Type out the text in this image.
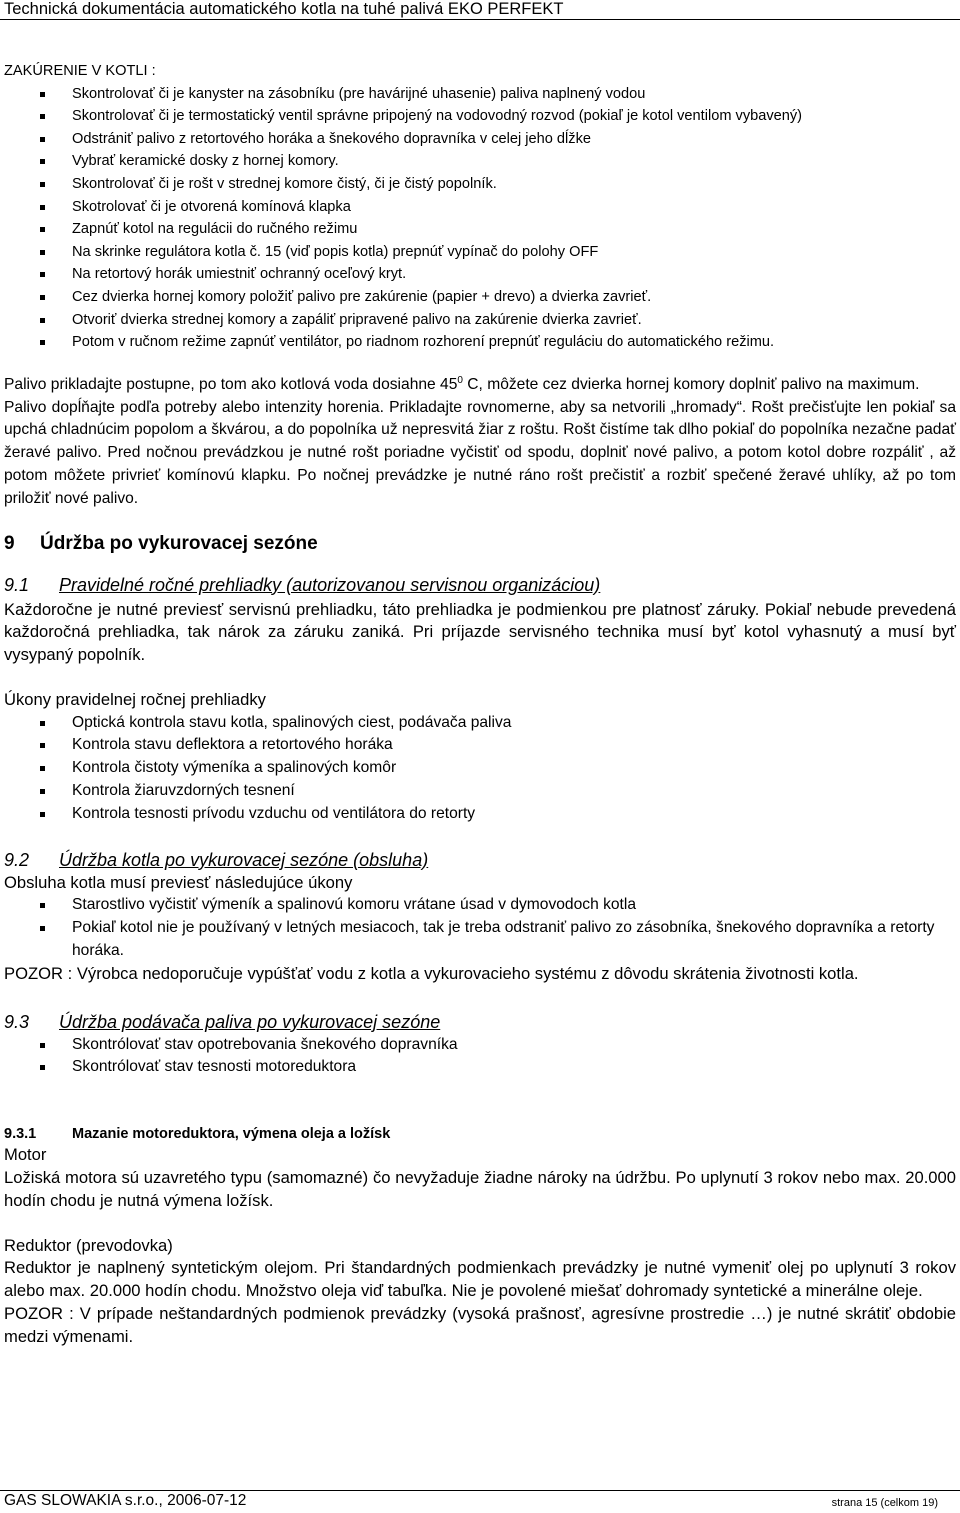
Technická dokumentácia automatického kotla na tuhé palivá EKO PERFEKT

ZAKÚRENIE V KOTLI :

Skontrolovať či je kanyster na zásobníku (pre havárijné uhasenie) paliva naplnený vodou
Skontrolovať či je termostatický ventil správne pripojený na vodovodný rozvod (pokiaľ je kotol ventilom vybavený)
Odstrániť palivo z retortového horáka a šnekového dopravníka v celej jeho dĺžke
Vybrať keramické dosky z hornej komory.
Skontrolovať či je rošt v strednej komore čistý, či je čistý popolník.
Skotrolovať či je otvorená komínová klapka
Zapnúť kotol na regulácii do ručného režimu
Na skrinke regulátora kotla č. 15 (viď popis kotla) prepnúť vypínač do polohy OFF
Na retortový horák umiestniť ochranný oceľový kryt.
Cez dvierka hornej komory položiť palivo pre zakúrenie (papier + drevo) a dvierka zavrieť.
Otvoriť dvierka strednej komory a zapáliť pripravené palivo na zakúrenie dvierka zavrieť.
Potom v ručnom režime zapnúť ventilátor, po riadnom rozhorení prepnúť reguláciu do automatického režimu.

Palivo prikladajte postupne, po tom ako kotlová voda dosiahne $45^0$ C, môžete cez dvierka hornej komory doplniť palivo na maximum.

Palivo dopĺňajte podľa potreby alebo intenzity horenia. Prikladajte rovnomerne, aby sa netvorili „hromady“. Rošt prečisťujte len pokiaľ sa upchá chladnúcim popolom a škvárou, a do popolníka už nepresvitá žiar z roštu. Rošt čistíme tak dlho pokiaľ do popolníka nezačne padať žeravé palivo. Pred nočnou prevádzkou je nutné rošt poriadne vyčistiť od spodu, doplniť nové palivo, a potom kotol dobre rozpáliť , až potom môžete privrieť komínovú klapku. Po nočnej prevádzke je nutné ráno rošt prečistiť a rozbiť spečené žeravé uhlíky, až po tom priložiť nové palivo.

9 Údržba po vykurovacej sezóne
9.1 Pravidelné ročné prehliadky (autorizovanou servisnou organizáciou)

Každoročne je nutné previesť servisnú prehliadku, táto prehliadka je podmienkou pre platnosť záruky. Pokiaľ nebude prevedená každoročná prehliadka, tak nárok za záruku zaniká. Pri príjazde servisného technika musí byť kotol vyhasnutý a musí byť vysypaný popolník.

Úkony pravidelnej ročnej prehliadky

Optická kontrola stavu kotla, spalinových ciest, podávača paliva
Kontrola stavu deflektora a retortového horáka
Kontrola čistoty výmeníka a spalinových komôr
Kontrola žiaruvzdorných tesnení
Kontrola tesnosti prívodu vzduchu od ventilátora do retorty
9.2 Údržba kotla po vykurovacej sezóne (obsluha)

Obsluha kotla musí previesť následujúce úkony

Starostlivo vyčistiť výmeník a spalinovú komoru vrátane úsad v dymovodoch kotla
Pokiaľ kotol nie je používaný v letných mesiacoch, tak je treba odstraniť palivo zo zásobníka, šnekového dopravníka a retorty horáka.

POZOR : Výrobca nedoporučuje vypúšťať vodu z kotla a vykurovacieho systému z dôvodu skrátenia životnosti kotla.

9.3 Údržba podávača paliva po vykurovacej sezóne
Skontrólovať stav opotrebovania šnekového dopravníka
Skontrólovať stav tesnosti motoreduktora
9.3.1 Mazanie motoreduktora, výmena oleja a ložísk

Motor

Ložiská motora sú uzavretého typu (samomazné) čo nevyžaduje žiadne nároky na údržbu. Po uplynutí 3 rokov nebo max. 20.000 hodín chodu je nutná výmena ložísk.

Reduktor (prevodovka)

Reduktor je naplnený syntetickým olejom. Pri štandardných podmienkach prevádzky je nutné vymeniť olej po uplynutí 3 rokov alebo max. 20.000 hodín chodu. Množstvo oleja viď tabuľka. Nie je povolené miešať dohromady syntetické a minerálne oleje.

POZOR : V prípade neštandardných podmienok prevádzky (vysoká prašnosť, agresívne prostredie …) je nutné skrátiť obdobie medzi výmenami.

GAS SLOWAKIA s.r.o., 2006-07-12	strana 15 (celkom 19)
